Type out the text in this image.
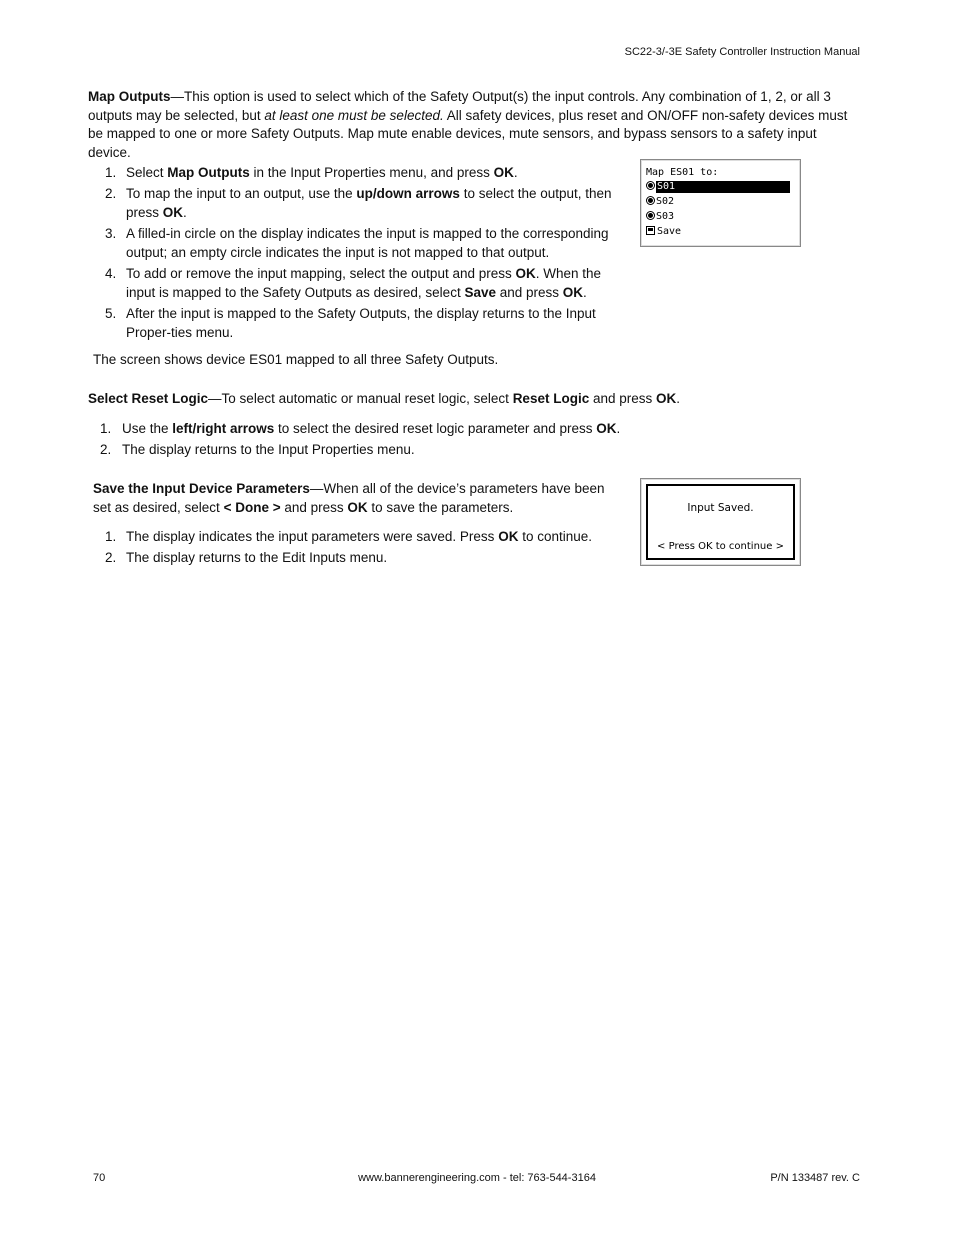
SC22-3/-3E Safety Controller Instruction Manual

Map Outputs—This option is used to select which of the Safety Output(s) the input controls. Any combination of 1, 2, or all 3 outputs may be selected, but at least one must be selected. All safety devices, plus reset and ON/OFF non-safety devices must be mapped to one or more Safety Outputs. Map mute enable devices, mute sensors, and bypass sensors to a safety input device.

1. Select Map Outputs in the Input Properties menu, and press OK.
2. To map the input to an output, use the up/down arrows to select the output, then press OK.
3. A filled-in circle on the display indicates the input is mapped to the corresponding output; an empty circle indicates the input is not mapped to that output.
4. To add or remove the input mapping, select the output and press OK. When the input is mapped to the Safety Outputs as desired, select Save and press OK.
5. After the input is mapped to the Safety Outputs, the display returns to the Input Proper-ties menu.

The screen shows device ES01 mapped to all three Safety Outputs.

Map ES01 to:
S01
S02
S03
Save

Select Reset Logic—To select automatic or manual reset logic, select Reset Logic and press OK.

1. Use the left/right arrows to select the desired reset logic parameter and press OK.
2. The display returns to the Input Properties menu.

Save the Input Device Parameters—When all of the device’s parameters have been set as desired, select < Done > and press OK to save the parameters.

1. The display indicates the input parameters were saved. Press OK to continue.
2. The display returns to the Edit Inputs menu.
Input Saved.
< Press OK to continue >
70	www.bannerengineering.com - tel: 763-544-3164	P/N 133487 rev. C
